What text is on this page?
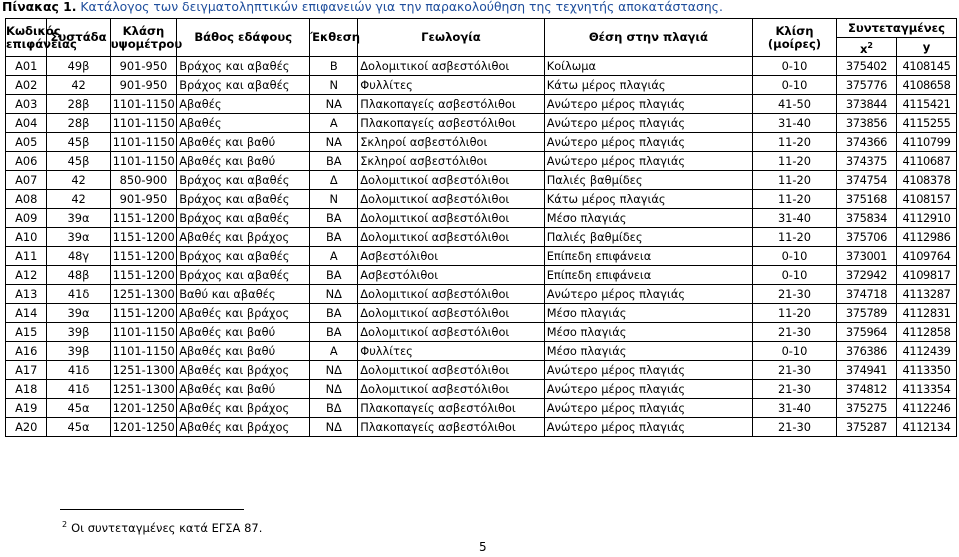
Πίνακας 1. Κατάλογος των δειγματοληπτικών επιφανειών για την παρακολούθηση της τεχνητής αποκατάστασης.
Κωδικός επιφάνειας	Συστάδα	Κλάση υψομέτρου	Βάθος εδάφους	Έκθεση	Γεωλογία	Θέση στην πλαγιά	Κλίση (μοίρες)	Συντεταγμένες	
								$x^2$	y
A01	49β	901-950	Βράχος και αβαθές	Β	Δολομιτικοί ασβεστόλιθοι	Κοίλωμα	0-10	375402	4108145
A02	42	901-950	Βράχος και αβαθές	Ν	Φυλλίτες	Κάτω μέρος πλαγιάς	0-10	375776	4108658
A03	28β	1101-1150	Αβαθές	ΝΑ	Πλακοπαγείς ασβεστόλιθοι	Ανώτερο μέρος πλαγιάς	41-50	373844	4115421
A04	28β	1101-1150	Αβαθές	Α	Πλακοπαγείς ασβεστόλιθοι	Ανώτερο μέρος πλαγιάς	31-40	373856	4115255
A05	45β	1101-1150	Αβαθές και βαθύ	ΝΑ	Σκληροί ασβεστόλιθοι	Ανώτερο μέρος πλαγιάς	11-20	374366	4110799
A06	45β	1101-1150	Αβαθές και βαθύ	ΒΑ	Σκληροί ασβεστόλιθοι	Ανώτερο μέρος πλαγιάς	11-20	374375	4110687
A07	42	850-900	Βράχος και αβαθές	Δ	Δολομιτικοί ασβεστόλιθοι	Παλιές βαθμίδες	11-20	374754	4108378
A08	42	901-950	Βράχος και αβαθές	Ν	Δολομιτικοί ασβεστόλιθοι	Κάτω μέρος πλαγιάς	11-20	375168	4108157
A09	39α	1151-1200	Βράχος και αβαθές	ΒΑ	Δολομιτικοί ασβεστόλιθοι	Μέσο πλαγιάς	31-40	375834	4112910
A10	39α	1151-1200	Αβαθές και βράχος	ΒΑ	Δολομιτικοί ασβεστόλιθοι	Παλιές βαθμίδες	11-20	375706	4112986
A11	48γ	1151-1200	Βράχος και αβαθές	Α	Ασβεστόλιθοι	Επίπεδη επιφάνεια	0-10	373001	4109764
A12	48β	1151-1200	Βράχος και αβαθές	ΒΑ	Ασβεστόλιθοι	Επίπεδη επιφάνεια	0-10	372942	4109817
A13	41δ	1251-1300	Βαθύ και αβαθές	ΝΔ	Δολομιτικοί ασβεστόλιθοι	Ανώτερο μέρος πλαγιάς	21-30	374718	4113287
A14	39α	1151-1200	Αβαθές και βράχος	ΒΑ	Δολομιτικοί ασβεστόλιθοι	Μέσο πλαγιάς	11-20	375789	4112831
A15	39β	1101-1150	Αβαθές και βαθύ	ΒΑ	Δολομιτικοί ασβεστόλιθοι	Μέσο πλαγιάς	21-30	375964	4112858
A16	39β	1101-1150	Αβαθές και βαθύ	Α	Φυλλίτες	Μέσο πλαγιάς	0-10	376386	4112439
A17	41δ	1251-1300	Αβαθές και βράχος	ΝΔ	Δολομιτικοί ασβεστόλιθοι	Ανώτερο μέρος πλαγιάς	21-30	374941	4113350
A18	41δ	1251-1300	Αβαθές και βαθύ	ΝΔ	Δολομιτικοί ασβεστόλιθοι	Ανώτερο μέρος πλαγιάς	21-30	374812	4113354
A19	45α	1201-1250	Αβαθές και βράχος	ΒΔ	Πλακοπαγείς ασβεστόλιθοι	Ανώτερο μέρος πλαγιάς	31-40	375275	4112246
A20	45α	1201-1250	Αβαθές και βράχος	ΝΔ	Πλακοπαγείς ασβεστόλιθοι	Ανώτερο μέρος πλαγιάς	21-30	375287	4112134
$^2$ Οι συντεταγμένες κατά ΕΓΣΑ 87.
5
